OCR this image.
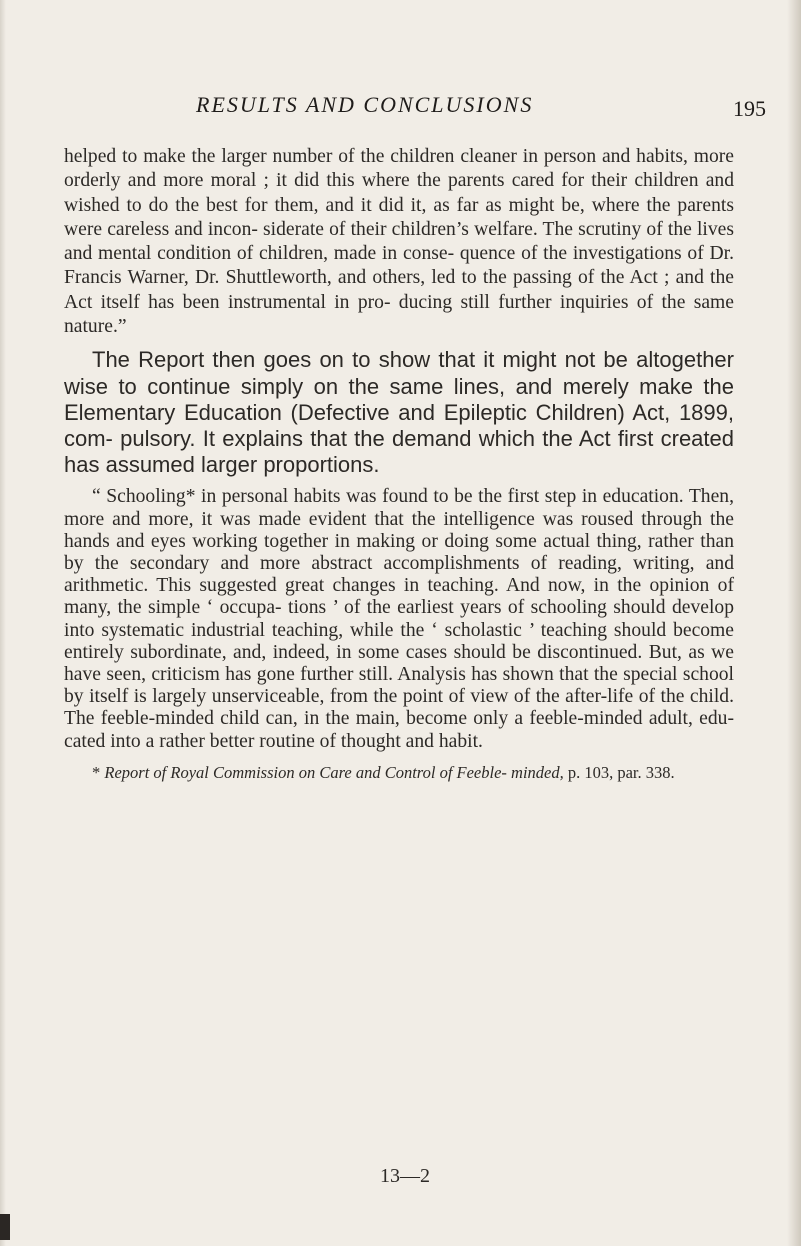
RESULTS AND CONCLUSIONS	195

helped to make the larger number of the children cleaner in person and habits, more orderly and more moral ; it did this where the parents cared for their children and wished to do the best for them, and it did it, as far as might be, where the parents were careless and incon- siderate of their children’s welfare. The scrutiny of the lives and mental condition of children, made in conse- quence of the investigations of Dr. Francis Warner, Dr. Shuttleworth, and others, led to the passing of the Act ; and the Act itself has been instrumental in pro- ducing still further inquiries of the same nature.”

The Report then goes on to show that it might not be altogether wise to continue simply on the same lines, and merely make the Elementary Education (Defective and Epileptic Children) Act, 1899, com- pulsory. It explains that the demand which the Act first created has assumed larger proportions.

“ Schooling* in personal habits was found to be the first step in education. Then, more and more, it was made evident that the intelligence was roused through the hands and eyes working together in making or doing some actual thing, rather than by the secondary and more abstract accomplishments of reading, writing, and arithmetic. This suggested great changes in teaching. And now, in the opinion of many, the simple ‘ occupa- tions ’ of the earliest years of schooling should develop into systematic industrial teaching, while the ‘ scholastic ’ teaching should become entirely subordinate, and, indeed, in some cases should be discontinued. But, as we have seen, criticism has gone further still. Analysis has shown that the special school by itself is largely unserviceable, from the point of view of the after-life of the child. The feeble-minded child can, in the main, become only a feeble-minded adult, edu- cated into a rather better routine of thought and habit.

* Report of Royal Commission on Care and Control of Feeble- minded, p. 103, par. 338.

13—2
